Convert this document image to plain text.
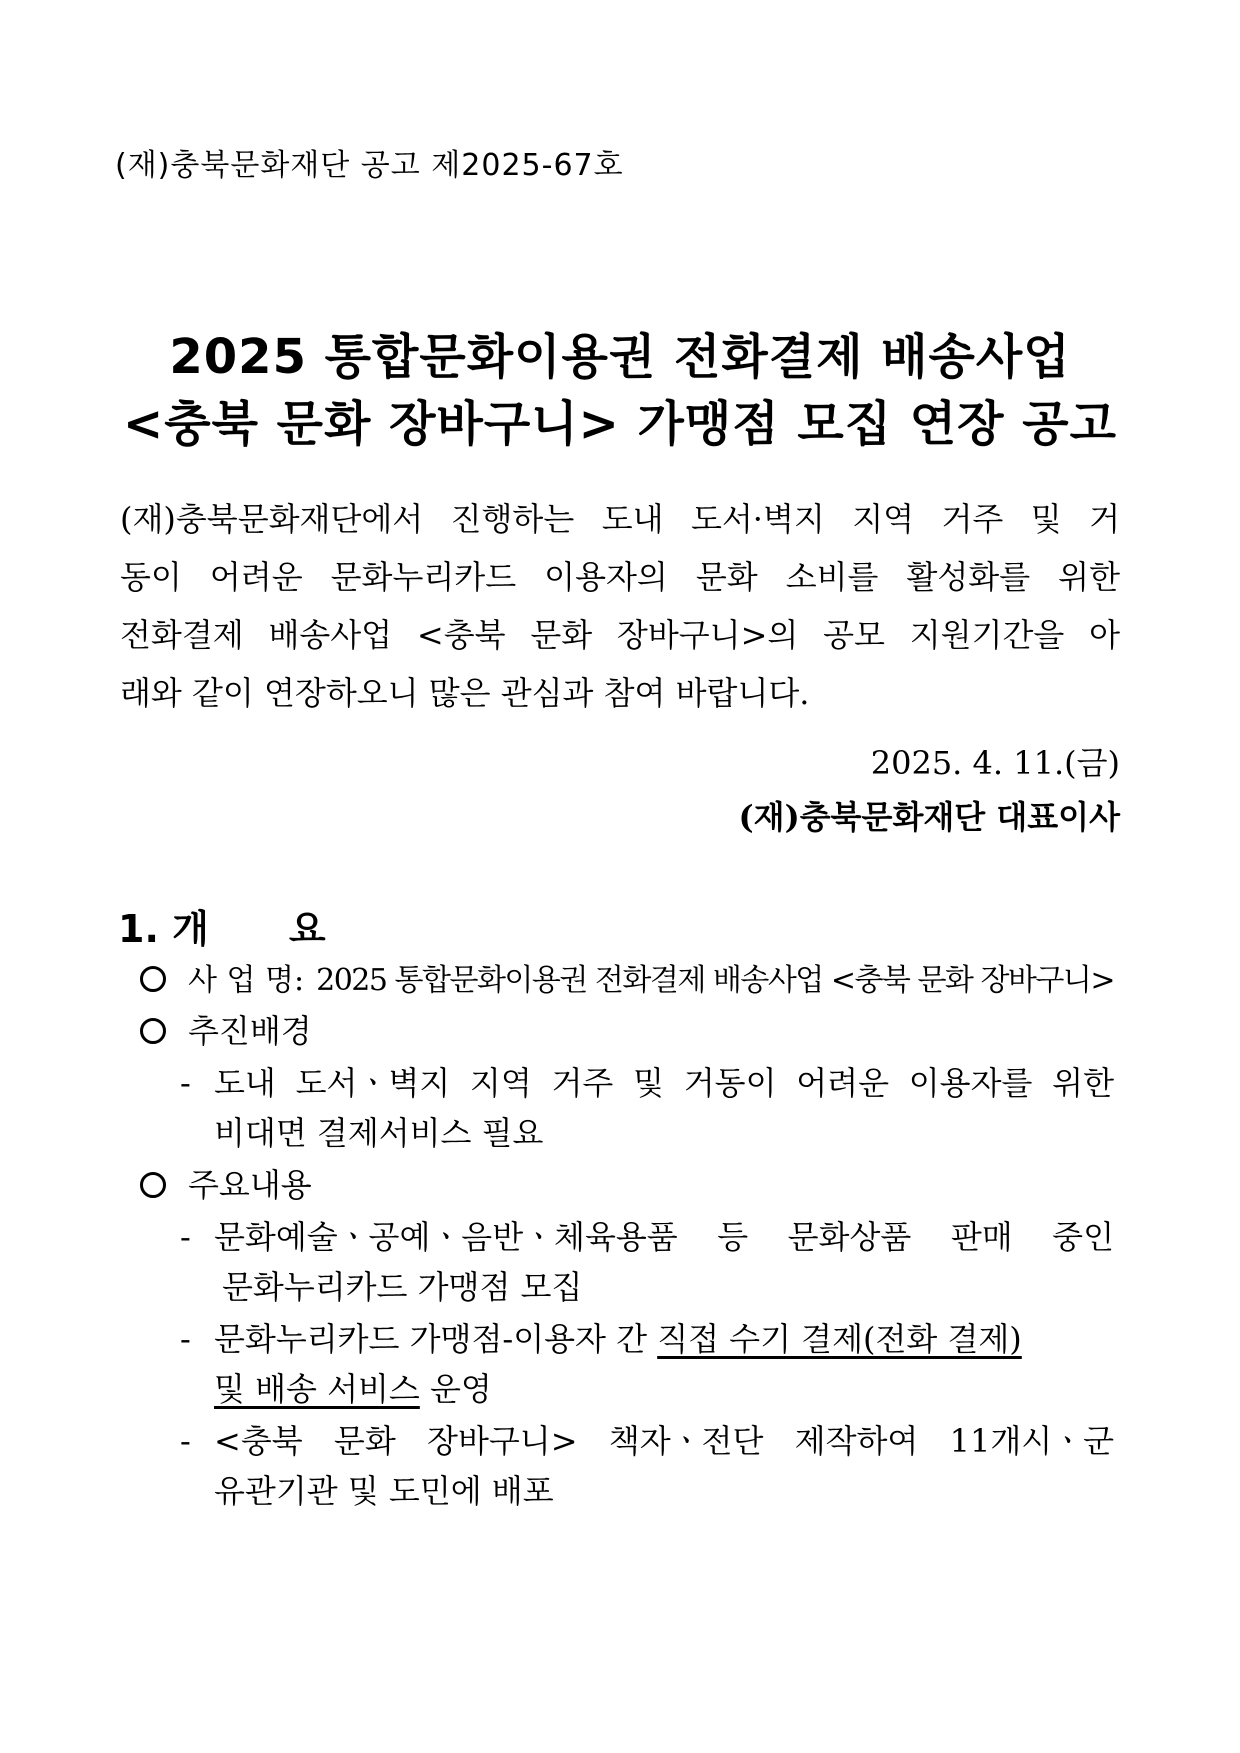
(재)충북문화재단 공고 제2025-67호
2025 통합문화이용권 전화결제 배송사업
<충북 문화 장바구니> 가맹점 모집 연장 공고
(재)충북문화재단에서 진행하는 도내 도서·벽지 지역 거주 및 거
동이 어려운 문화누리카드 이용자의 문화 소비를 활성화를 위한
전화결제 배송사업 <충북 문화 장바구니>의 공모 지원기간을 아
래와 같이 연장하오니 많은 관심과 참여 바랍니다.
2025. 4. 11.(금)
(재)충북문화재단 대표이사
1. 개 요
사 업 명: 2025 통합문화이용권 전화결제 배송사업 <충북 문화 장바구니>
추진배경
- 도내 도서ㆍ벽지 지역 거주 및 거동이 어려운 이용자를 위한
비대면 결제서비스 필요
주요내용
- 문화예술ㆍ공예ㆍ음반ㆍ체육용품 등 문화상품 판매 중인
문화누리카드 가맹점 모집
- 문화누리카드 가맹점-이용자 간 직접 수기 결제(전화 결제)
및 배송 서비스 운영
- <충북 문화 장바구니> 책자ㆍ전단 제작하여 11개시ㆍ군
유관기관 및 도민에 배포
